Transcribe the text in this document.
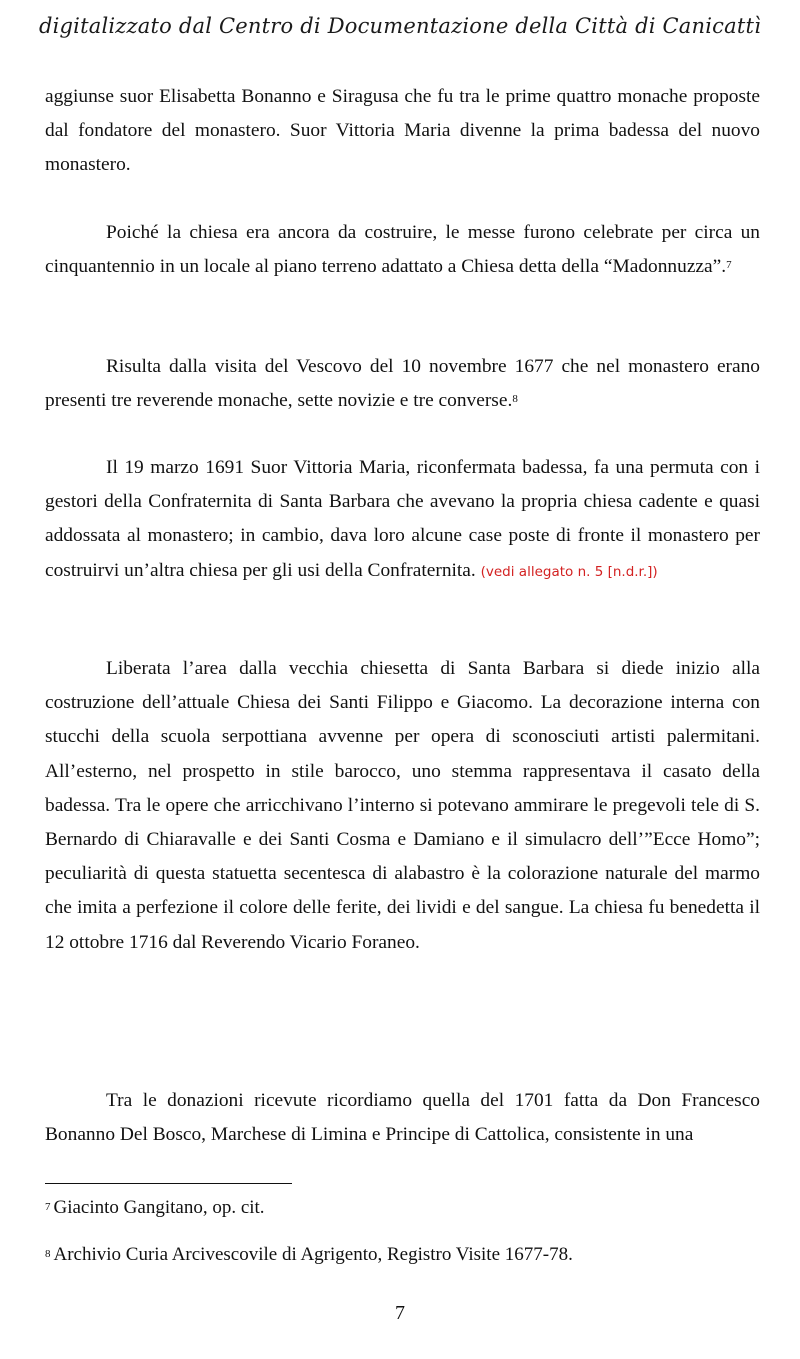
digitalizzato dal Centro di Documentazione della Città di Canicattì

aggiunse suor Elisabetta Bonanno e Siragusa che fu tra le prime quattro monache proposte dal fondatore del monastero. Suor Vittoria Maria divenne la prima badessa del nuovo monastero.

Poiché la chiesa era ancora da costruire, le messe furono celebrate per circa un cinquantennio in un locale al piano terreno adattato a Chiesa detta della “Madonnuzza”.$^7$

Risulta dalla visita del Vescovo del 10 novembre 1677 che nel monastero erano presenti tre reverende monache, sette novizie e tre converse.$^8$

Il 19 marzo 1691 Suor Vittoria Maria, riconfermata badessa, fa una permuta con i gestori della Confraternita di Santa Barbara che avevano la propria chiesa cadente e quasi addossata al monastero; in cambio, dava loro alcune case poste di fronte il monastero per costruirvi un’altra chiesa per gli usi della Confraternita. (vedi allegato n. 5 [n.d.r.])

Liberata l’area dalla vecchia chiesetta di Santa Barbara si diede inizio alla costruzione dell’attuale Chiesa dei Santi Filippo e Giacomo. La decorazione interna con stucchi della scuola serpottiana avvenne per opera di sconosciuti artisti palermitani. All’esterno, nel prospetto in stile barocco, uno stemma rappresentava il casato della badessa. Tra le opere che arricchivano l’interno si potevano ammirare le pregevoli tele di S. Bernardo di Chiaravalle e dei Santi Cosma e Damiano e il simulacro dell’”Ecce Homo”; peculiarità di questa statuetta secentesca di alabastro è la colorazione naturale del marmo che imita a perfezione il colore delle ferite, dei lividi e del sangue. La chiesa fu benedetta il 12 ottobre 1716 dal Reverendo Vicario Foraneo.

Tra le donazioni ricevute ricordiamo quella del 1701 fatta da Don Francesco Bonanno Del Bosco, Marchese di Limina e Principe di Cattolica, consistente in una

$^7$ Giacinto Gangitano, op. cit.

$^8$ Archivio Curia Arcivescovile di Agrigento, Registro Visite 1677-78.

7
